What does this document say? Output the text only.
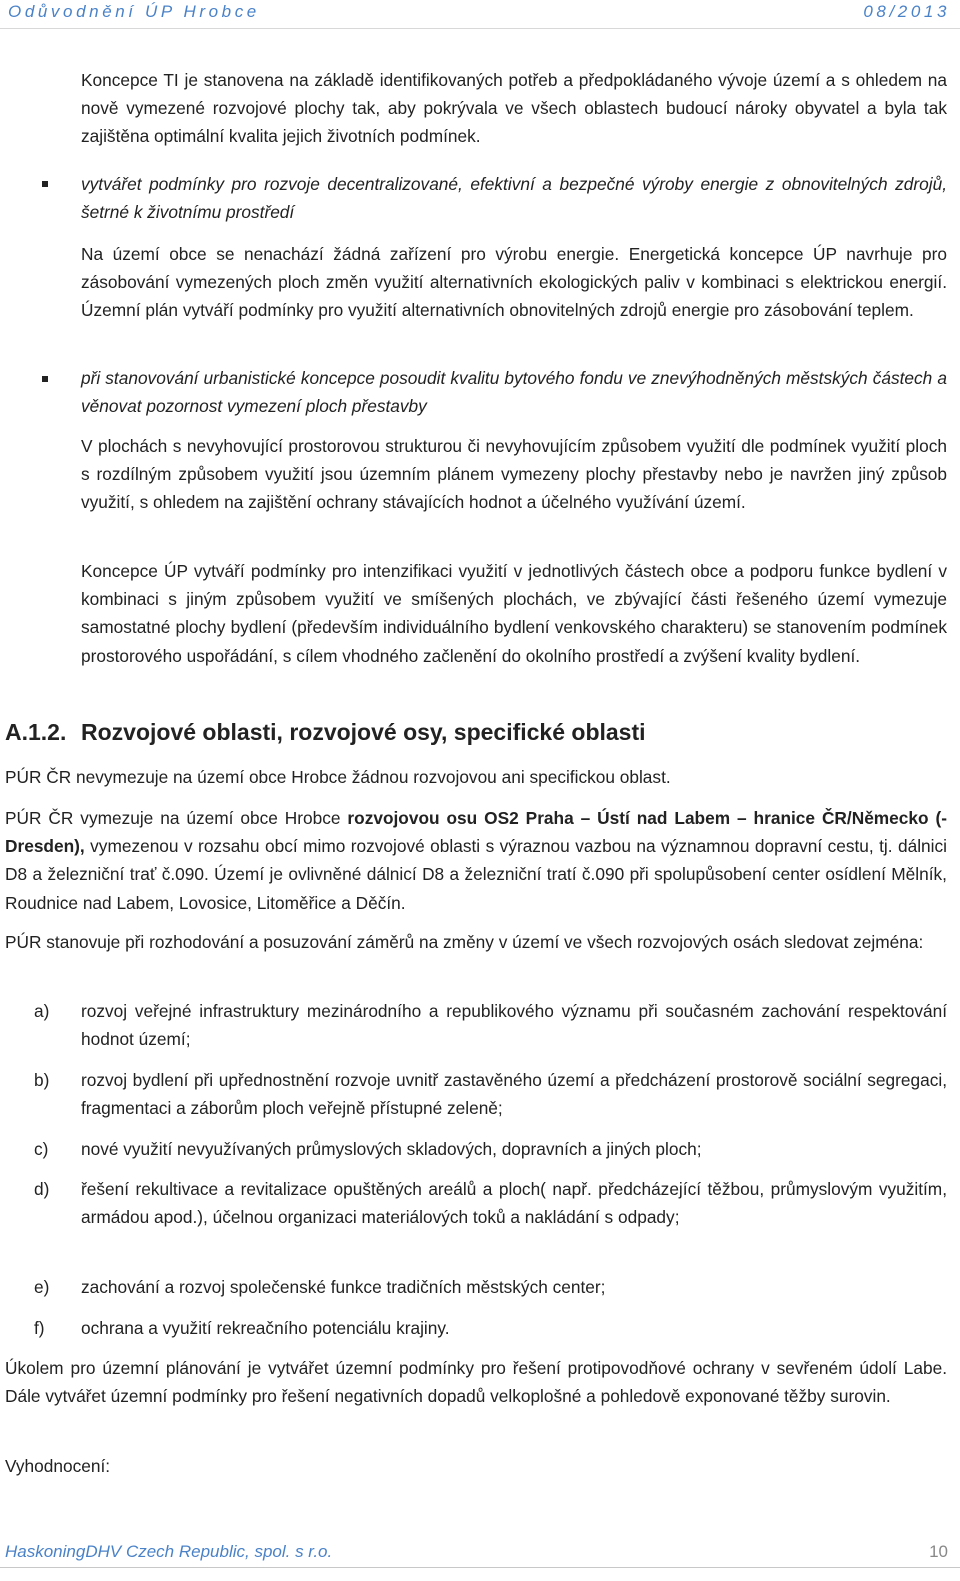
Odůvodnění ÚP Hrobce	08/2013

Koncepce TI je stanovena na základě identifikovaných potřeb a předpokládaného vývoje území a s ohledem na nově vymezené rozvojové plochy tak, aby pokrývala ve všech oblastech budoucí nároky obyvatel a byla tak zajištěna optimální kvalita jejich životních podmínek.

vytvářet podmínky pro rozvoje decentralizované, efektivní a bezpečné výroby energie z obnovitelných zdrojů, šetrné k životnímu prostředí

Na území obce se nenachází žádná zařízení pro výrobu energie. Energetická koncepce ÚP navrhuje pro zásobování vymezených ploch změn využití alternativních ekologických paliv v kombinaci s elektrickou energií. Územní plán vytváří podmínky pro využití alternativních obnovitelných zdrojů energie pro zásobování teplem.

při stanovování urbanistické koncepce posoudit kvalitu bytového fondu ve znevýhodněných městských částech a věnovat pozornost vymezení ploch přestavby

V plochách s nevyhovující prostorovou strukturou či nevyhovujícím způsobem využití dle podmínek využití ploch s rozdílným způsobem využití jsou územním plánem vymezeny plochy přestavby nebo je navržen jiný způsob využití, s ohledem na zajištění ochrany stávajících hodnot a účelného využívání území.

Koncepce ÚP vytváří podmínky pro intenzifikaci využití v jednotlivých částech obce a podporu funkce bydlení v kombinaci s jiným způsobem využití ve smíšených plochách, ve zbývající části řešeného území vymezuje samostatné plochy bydlení (především individuálního bydlení venkovského charakteru) se stanovením podmínek prostorového uspořádání, s cílem vhodného začlenění do okolního prostředí a zvýšení kvality bydlení.

A.1.2. Rozvojové oblasti, rozvojové osy, specifické oblasti

PÚR ČR nevymezuje na území obce Hrobce žádnou rozvojovou ani specifickou oblast.

PÚR ČR vymezuje na území obce Hrobce rozvojovou osu OS2 Praha – Ústí nad Labem – hranice ČR/Německo (- Dresden), vymezenou v rozsahu obcí mimo rozvojové oblasti s výraznou vazbou na významnou dopravní cestu, tj. dálnici D8 a železniční trať č.090. Území je ovlivněné dálnicí D8 a železniční tratí č.090 při spolupůsobení center osídlení Mělník, Roudnice nad Labem, Lovosice, Litoměřice a Děčín.

PÚR stanovuje při rozhodování a posuzování záměrů na změny v území ve všech rozvojových osách sledovat zejména:

a) rozvoj veřejné infrastruktury mezinárodního a republikového významu při současném zachování respektování hodnot území;

b) rozvoj bydlení při upřednostnění rozvoje uvnitř zastavěného území a předcházení prostorově sociální segregaci, fragmentaci a záborům ploch veřejně přístupné zeleně;

c) nové využití nevyužívaných průmyslových skladových, dopravních a jiných ploch;

d) řešení rekultivace a revitalizace opuštěných areálů a ploch( např. předcházející těžbou, průmyslovým využitím, armádou apod.), účelnou organizaci materiálových toků a nakládání s odpady;

e) zachování a rozvoj společenské funkce tradičních městských center;

f) ochrana a využití rekreačního potenciálu krajiny.

Úkolem pro územní plánování je vytvářet územní podmínky pro řešení protipovodňové ochrany v sevřeném údolí Labe. Dále vytvářet územní podmínky pro řešení negativních dopadů velkoplošné a pohledově exponované těžby surovin.

Vyhodnocení:

HaskoningDHV Czech Republic, spol. s r.o.	10
